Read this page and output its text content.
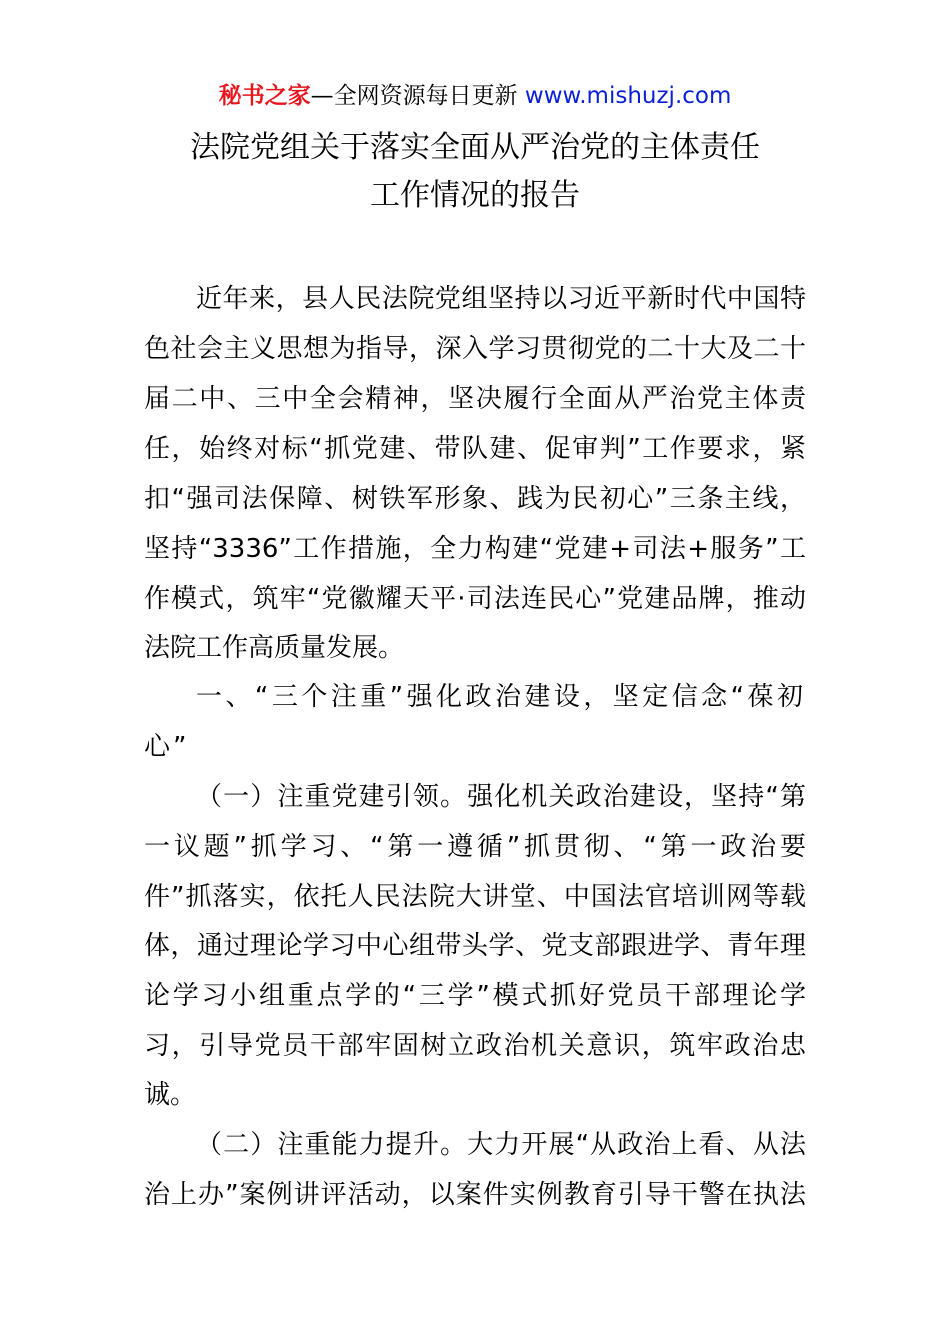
秘书之家—全网资源每日更新 www.mishuzj.com
法院党组关于落实全面从严治党的主体责任
工作情况的报告
近年来，县人民法院党组坚持以习近平新时代中国特
色社会主义思想为指导，深入学习贯彻党的二十大及二十
届二中、三中全会精神，坚决履行全面从严治党主体责
任，始终对标“抓党建、带队建、促审判”工作要求，紧
扣“强司法保障、树铁军形象、践为民初心”三条主线，
坚持“3336”工作措施，全力构建“党建+司法+服务”工
作模式，筑牢“党徽耀天平·司法连民心”党建品牌，推动
法院工作高质量发展。
一、“三个注重”强化政治建设，坚定信念“葆初
心”
（一）注重党建引领。强化机关政治建设，坚持“第
一议题”抓学习、“第一遵循”抓贯彻、“第一政治要
件”抓落实，依托人民法院大讲堂、中国法官培训网等载
体，通过理论学习中心组带头学、党支部跟进学、青年理
论学习小组重点学的“三学”模式抓好党员干部理论学
习，引导党员干部牢固树立政治机关意识，筑牢政治忠
诚。
（二）注重能力提升。大力开展“从政治上看、从法
治上办”案例讲评活动，以案件实例教育引导干警在执法
